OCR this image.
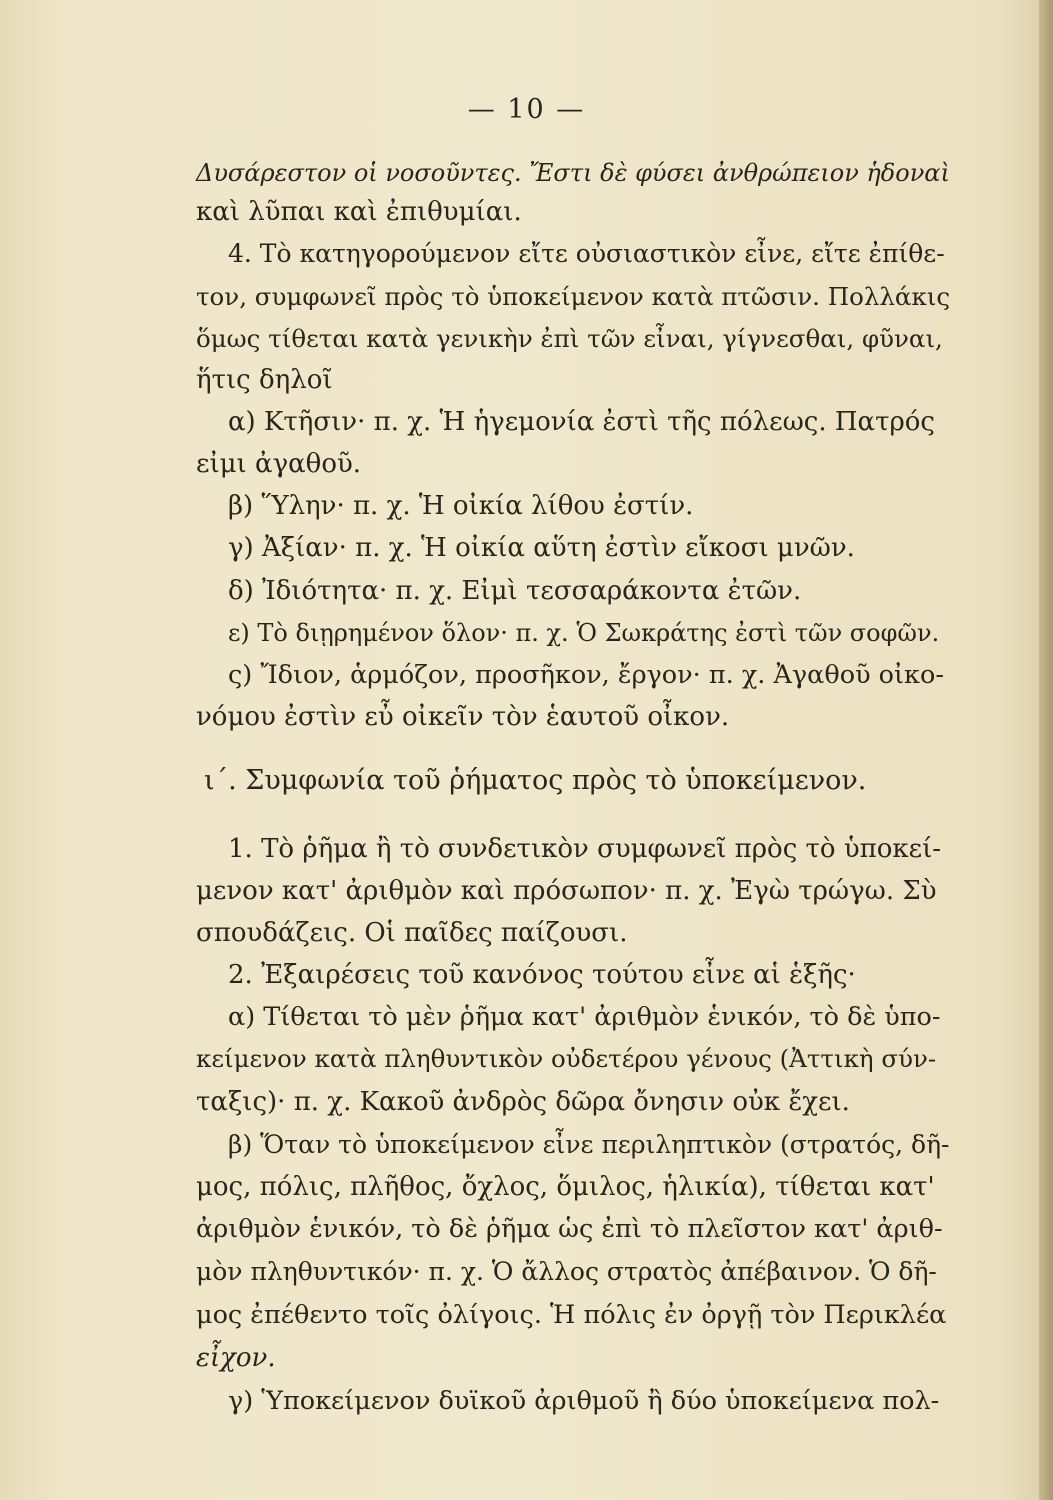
— 10 —
Δυσάρεστον οἱ νοσοῦντες. Ἔστι δὲ φύσει ἀνθρώπειον ἡδοναὶ
καὶ λῦπαι καὶ ἐπιθυμίαι.
4. Τὸ κατηγορούμενον εἴτε οὐσιαστικὸν εἶνε, εἴτε ἐπίθε-
τον, συμφωνεῖ πρὸς τὸ ὑποκείμενον κατὰ πτῶσιν. Πολλάκις
ὅμως τίθεται κατὰ γενικὴν ἐπὶ τῶν εἶναι, γίγνεσθαι, φῦναι,
ἥτις δηλοῖ
α) Κτῆσιν· π. χ. Ἡ ἡγεμονία ἐστὶ τῆς πόλεως. Πατρός
εἰμι ἀγαθοῦ.
β) Ὕλην· π. χ. Ἡ οἰκία λίθου ἐστίν.
γ) Ἀξίαν· π. χ. Ἡ οἰκία αὕτη ἐστὶν εἴκοσι μνῶν.
δ) Ἰδιότητα· π. χ. Εἰμὶ τεσσαράκοντα ἐτῶν.
ε) Τὸ διῃρημένον ὅλον· π. χ. Ὁ Σωκράτης ἐστὶ τῶν σοφῶν.
ς) Ἴδιον, ἁρμόζον, προσῆκον, ἔργον· π. χ. Ἀγαθοῦ οἰκο-
νόμου ἐστὶν εὖ οἰκεῖν τὸν ἑαυτοῦ οἶκον.
ι΄. Συμφωνία τοῦ ῥήματος πρὸς τὸ ὑποκείμενον.
1. Τὸ ῥῆμα ἢ τὸ συνδετικὸν συμφωνεῖ πρὸς τὸ ὑποκεί-
μενον κατ' ἀριθμὸν καὶ πρόσωπον· π. χ. Ἐγὼ τρώγω. Σὺ
σπουδάζεις. Οἱ παῖδες παίζουσι.
2. Ἐξαιρέσεις τοῦ κανόνος τούτου εἶνε αἱ ἑξῆς·
α) Τίθεται τὸ μὲν ῥῆμα κατ' ἀριθμὸν ἑνικόν, τὸ δὲ ὑπο-
κείμενον κατὰ πληθυντικὸν οὐδετέρου γένους (Ἀττικὴ σύν-
ταξις)· π. χ. Κακοῦ ἀνδρὸς δῶρα ὄνησιν οὐκ ἔχει.
β) Ὅταν τὸ ὑποκείμενον εἶνε περιληπτικὸν (στρατός, δῆ-
μος, πόλις, πλῆθος, ὄχλος, ὅμιλος, ἡλικία), τίθεται κατ'
ἀριθμὸν ἑνικόν, τὸ δὲ ῥῆμα ὡς ἐπὶ τὸ πλεῖστον κατ' ἀριθ-
μὸν πληθυντικόν· π. χ. Ὁ ἄλλος στρατὸς ἀπέβαινον. Ὁ δῆ-
μος ἐπέθεντο τοῖς ὀλίγοις. Ἡ πόλις ἐν ὀργῇ τὸν Περικλέα
εἶχον.
γ) Ὑποκείμενον δυϊκοῦ ἀριθμοῦ ἢ δύο ὑποκείμενα πολ-
